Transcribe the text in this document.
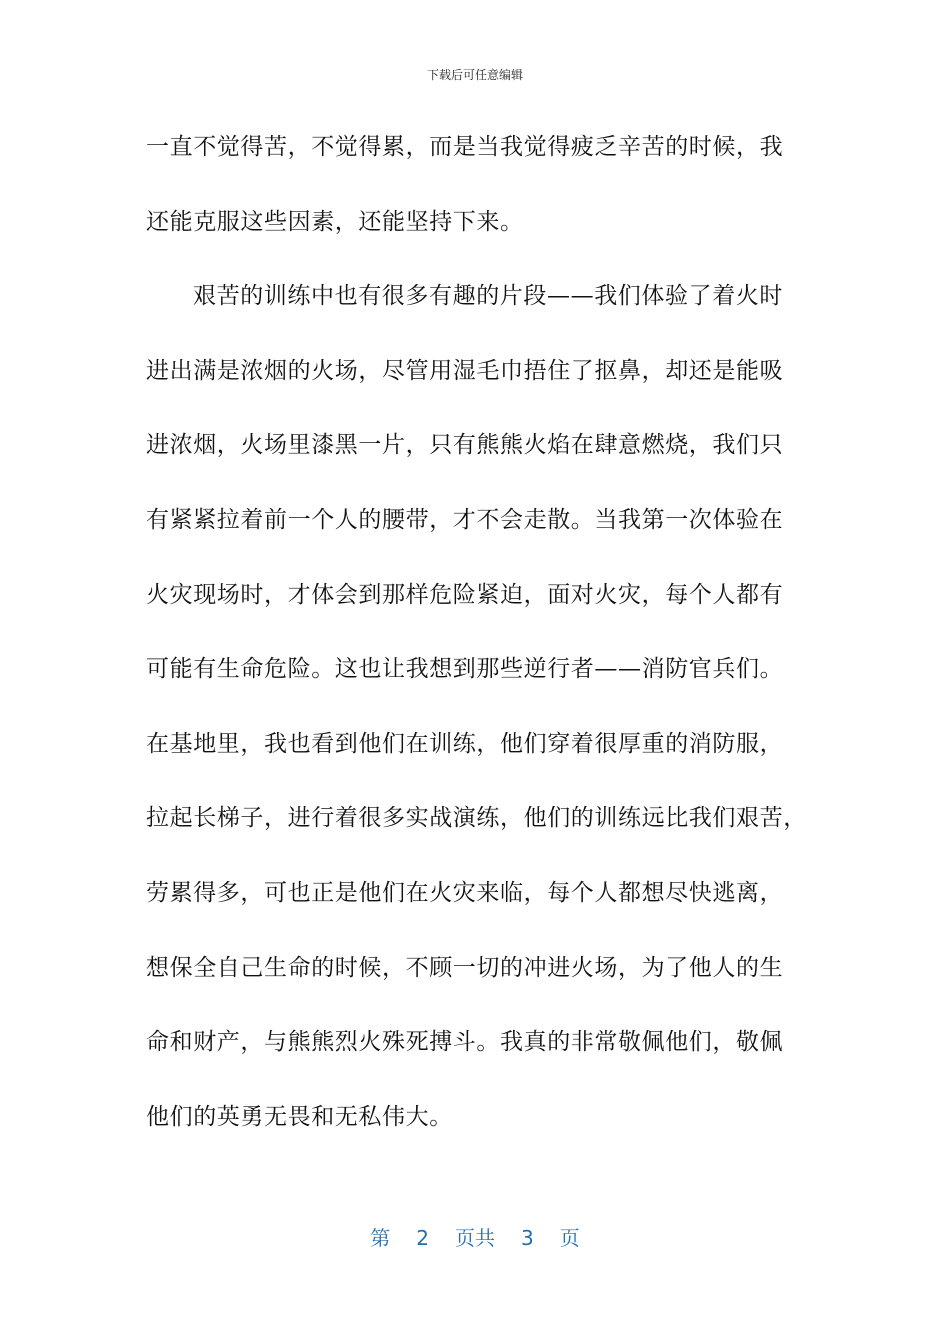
下载后可任意编辑
一直不觉得苦，不觉得累，而是当我觉得疲乏辛苦的时候，我
还能克服这些因素，还能坚持下来。
艰苦的训练中也有很多有趣的片段——我们体验了着火时
进出满是浓烟的火场，尽管用湿毛巾捂住了抠鼻，却还是能吸
进浓烟，火场里漆黑一片，只有熊熊火焰在肆意燃烧，我们只
有紧紧拉着前一个人的腰带，才不会走散。当我第一次体验在
火灾现场时，才体会到那样危险紧迫，面对火灾，每个人都有
可能有生命危险。这也让我想到那些逆行者——消防官兵们。
在基地里，我也看到他们在训练，他们穿着很厚重的消防服，
拉起长梯子，进行着很多实战演练，他们的训练远比我们艰苦，
劳累得多，可也正是他们在火灾来临，每个人都想尽快逃离，
想保全自己生命的时候，不顾一切的冲进火场，为了他人的生
命和财产，与熊熊烈火殊死搏斗。我真的非常敬佩他们，敬佩
他们的英勇无畏和无私伟大。
第 2 页共 3 页
